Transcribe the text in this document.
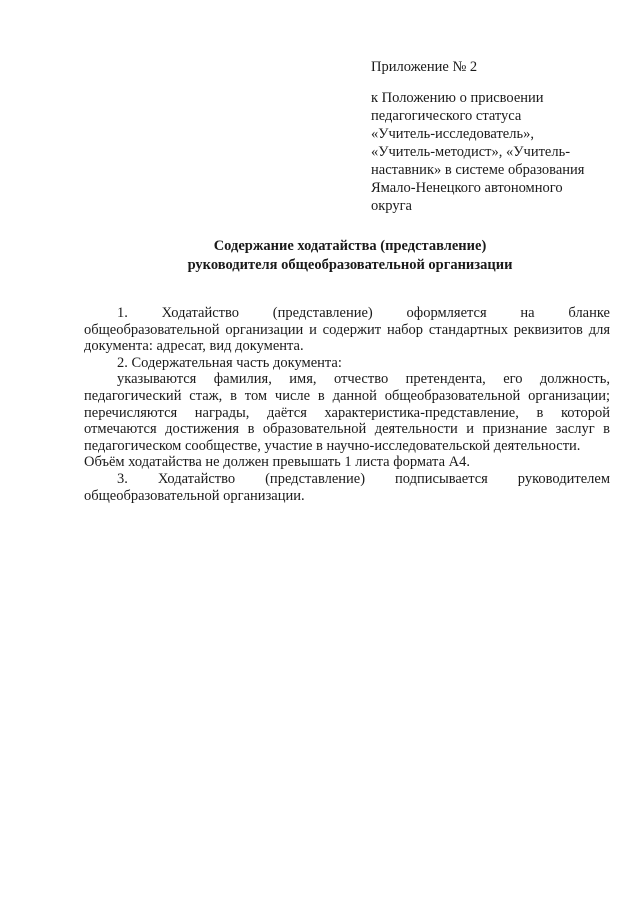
Приложение № 2

к Положению о присвоении
педагогического статуса
«Учитель-исследователь»,
«Учитель-методист», «Учитель-
наставник» в системе образования
Ямало-Ненецкого автономного
округа

Содержание ходатайства (представление)
руководителя общеобразовательной организации

1. Ходатайство (представление) оформляется на бланке
общеобразовательной организации и содержит набор стандартных реквизитов для документа: адресат, вид документа.

2. Содержательная часть документа:

указываются фамилия, имя, отчество претендента, его должность, педагогический стаж, в том числе в данной общеобразовательной организации; перечисляются награды, даётся характеристика-представление, в которой отмечаются достижения в образовательной деятельности и признание заслуг в педагогическом сообществе, участие в научно-исследовательской деятельности.

Объём ходатайства не должен превышать 1 листа формата А4.

3. Ходатайство (представление) подписывается руководителем
общеобразовательной организации.
